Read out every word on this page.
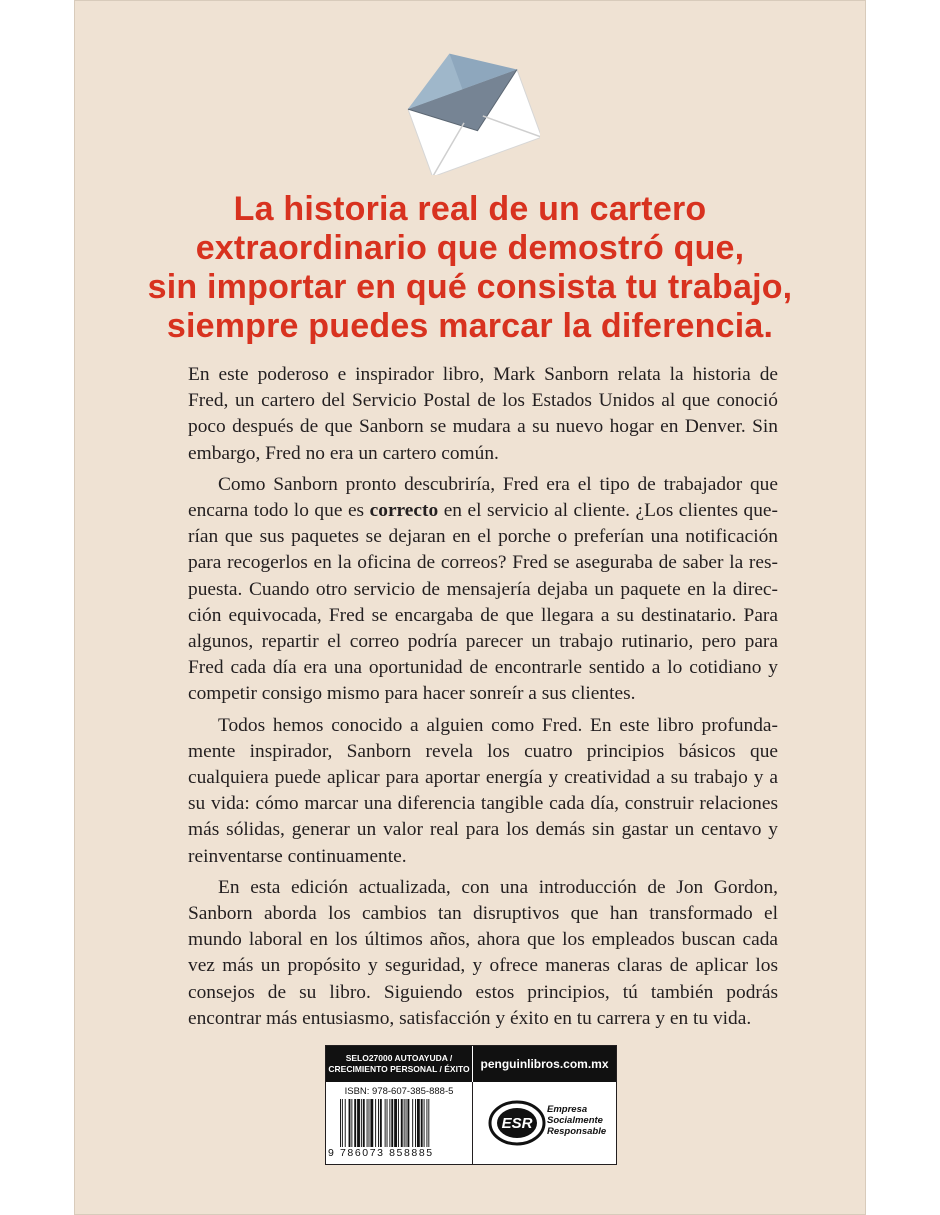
La historia real de un cartero
extraordinario que demostró que,
sin importar en qué consista tu trabajo,
siempre puedes marcar la diferencia.

En este poderoso e inspirador libro, Mark Sanborn relata la historia de Fred, un cartero del Servicio Postal de los Estados Unidos al que conoció poco después de que Sanborn se mudara a su nuevo hogar en Denver. Sin embargo, Fred no era un cartero común.

Como Sanborn pronto descubriría, Fred era el tipo de trabajador que encarna todo lo que es correcto en el servicio al cliente. ¿Los clientes querían que sus paquetes se dejaran en el porche o preferían una notificación para recogerlos en la oficina de correos? Fred se aseguraba de saber la respuesta. Cuando otro servicio de mensajería dejaba un paquete en la dirección equivocada, Fred se encargaba de que llegara a su destinatario. Para algunos, repartir el correo podría parecer un trabajo rutinario, pero para Fred cada día era una oportunidad de encontrarle sentido a lo cotidiano y competir consigo mismo para hacer sonreír a sus clientes.

Todos hemos conocido a alguien como Fred. En este libro profundamente inspirador, Sanborn revela los cuatro principios básicos que cualquiera puede aplicar para aportar energía y creatividad a su trabajo y a su vida: cómo marcar una diferencia tangible cada día, construir relaciones más sólidas, generar un valor real para los demás sin gastar un centavo y reinventarse continuamente.

En esta edición actualizada, con una introducción de Jon Gordon, Sanborn aborda los cambios tan disruptivos que han transformado el mundo laboral en los últimos años, ahora que los empleados buscan cada vez más un propósito y seguridad, y ofrece maneras claras de aplicar los consejos de su libro. Siguiendo estos principios, tú también podrás encontrar más entusiasmo, satisfacción y éxito en tu carrera y en tu vida.

SELO27000 AUTOAYUDA /
CRECIMIENTO PERSONAL / ÉXITO penguinlibros.com.mx
ISBN: 978-607-385-888-5
9 786073 858885
ESR
Empresa
Socialmente
Responsable
